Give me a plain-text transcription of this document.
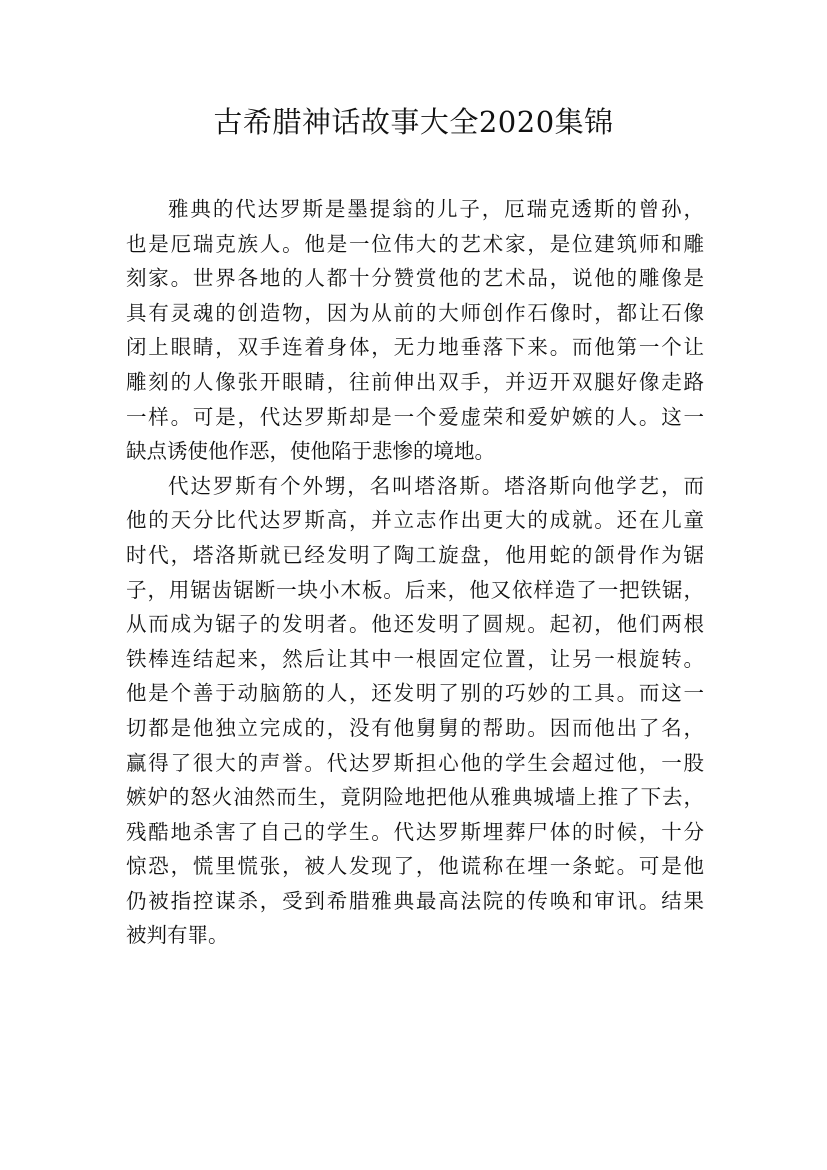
古希腊神话故事大全2020集锦
雅典的代达罗斯是墨提翁的儿子，厄瑞克透斯的曾孙，
也是厄瑞克族人。他是一位伟大的艺术家，是位建筑师和雕
刻家。世界各地的人都十分赞赏他的艺术品，说他的雕像是
具有灵魂的创造物，因为从前的大师创作石像时，都让石像
闭上眼睛，双手连着身体，无力地垂落下来。而他第一个让
雕刻的人像张开眼睛，往前伸出双手，并迈开双腿好像走路
一样。可是，代达罗斯却是一个爱虚荣和爱妒嫉的人。这一
缺点诱使他作恶，使他陷于悲惨的境地。
代达罗斯有个外甥，名叫塔洛斯。塔洛斯向他学艺，而
他的天分比代达罗斯高，并立志作出更大的成就。还在儿童
时代，塔洛斯就已经发明了陶工旋盘，他用蛇的颌骨作为锯
子，用锯齿锯断一块小木板。后来，他又依样造了一把铁锯，
从而成为锯子的发明者。他还发明了圆规。起初，他们两根
铁棒连结起来，然后让其中一根固定位置，让另一根旋转。
他是个善于动脑筋的人，还发明了别的巧妙的工具。而这一
切都是他独立完成的，没有他舅舅的帮助。因而他出了名，
赢得了很大的声誉。代达罗斯担心他的学生会超过他，一股
嫉妒的怒火油然而生，竟阴险地把他从雅典城墙上推了下去，
残酷地杀害了自己的学生。代达罗斯埋葬尸体的时候，十分
惊恐，慌里慌张，被人发现了，他谎称在埋一条蛇。可是他
仍被指控谋杀，受到希腊雅典最高法院的传唤和审讯。结果
被判有罪。
